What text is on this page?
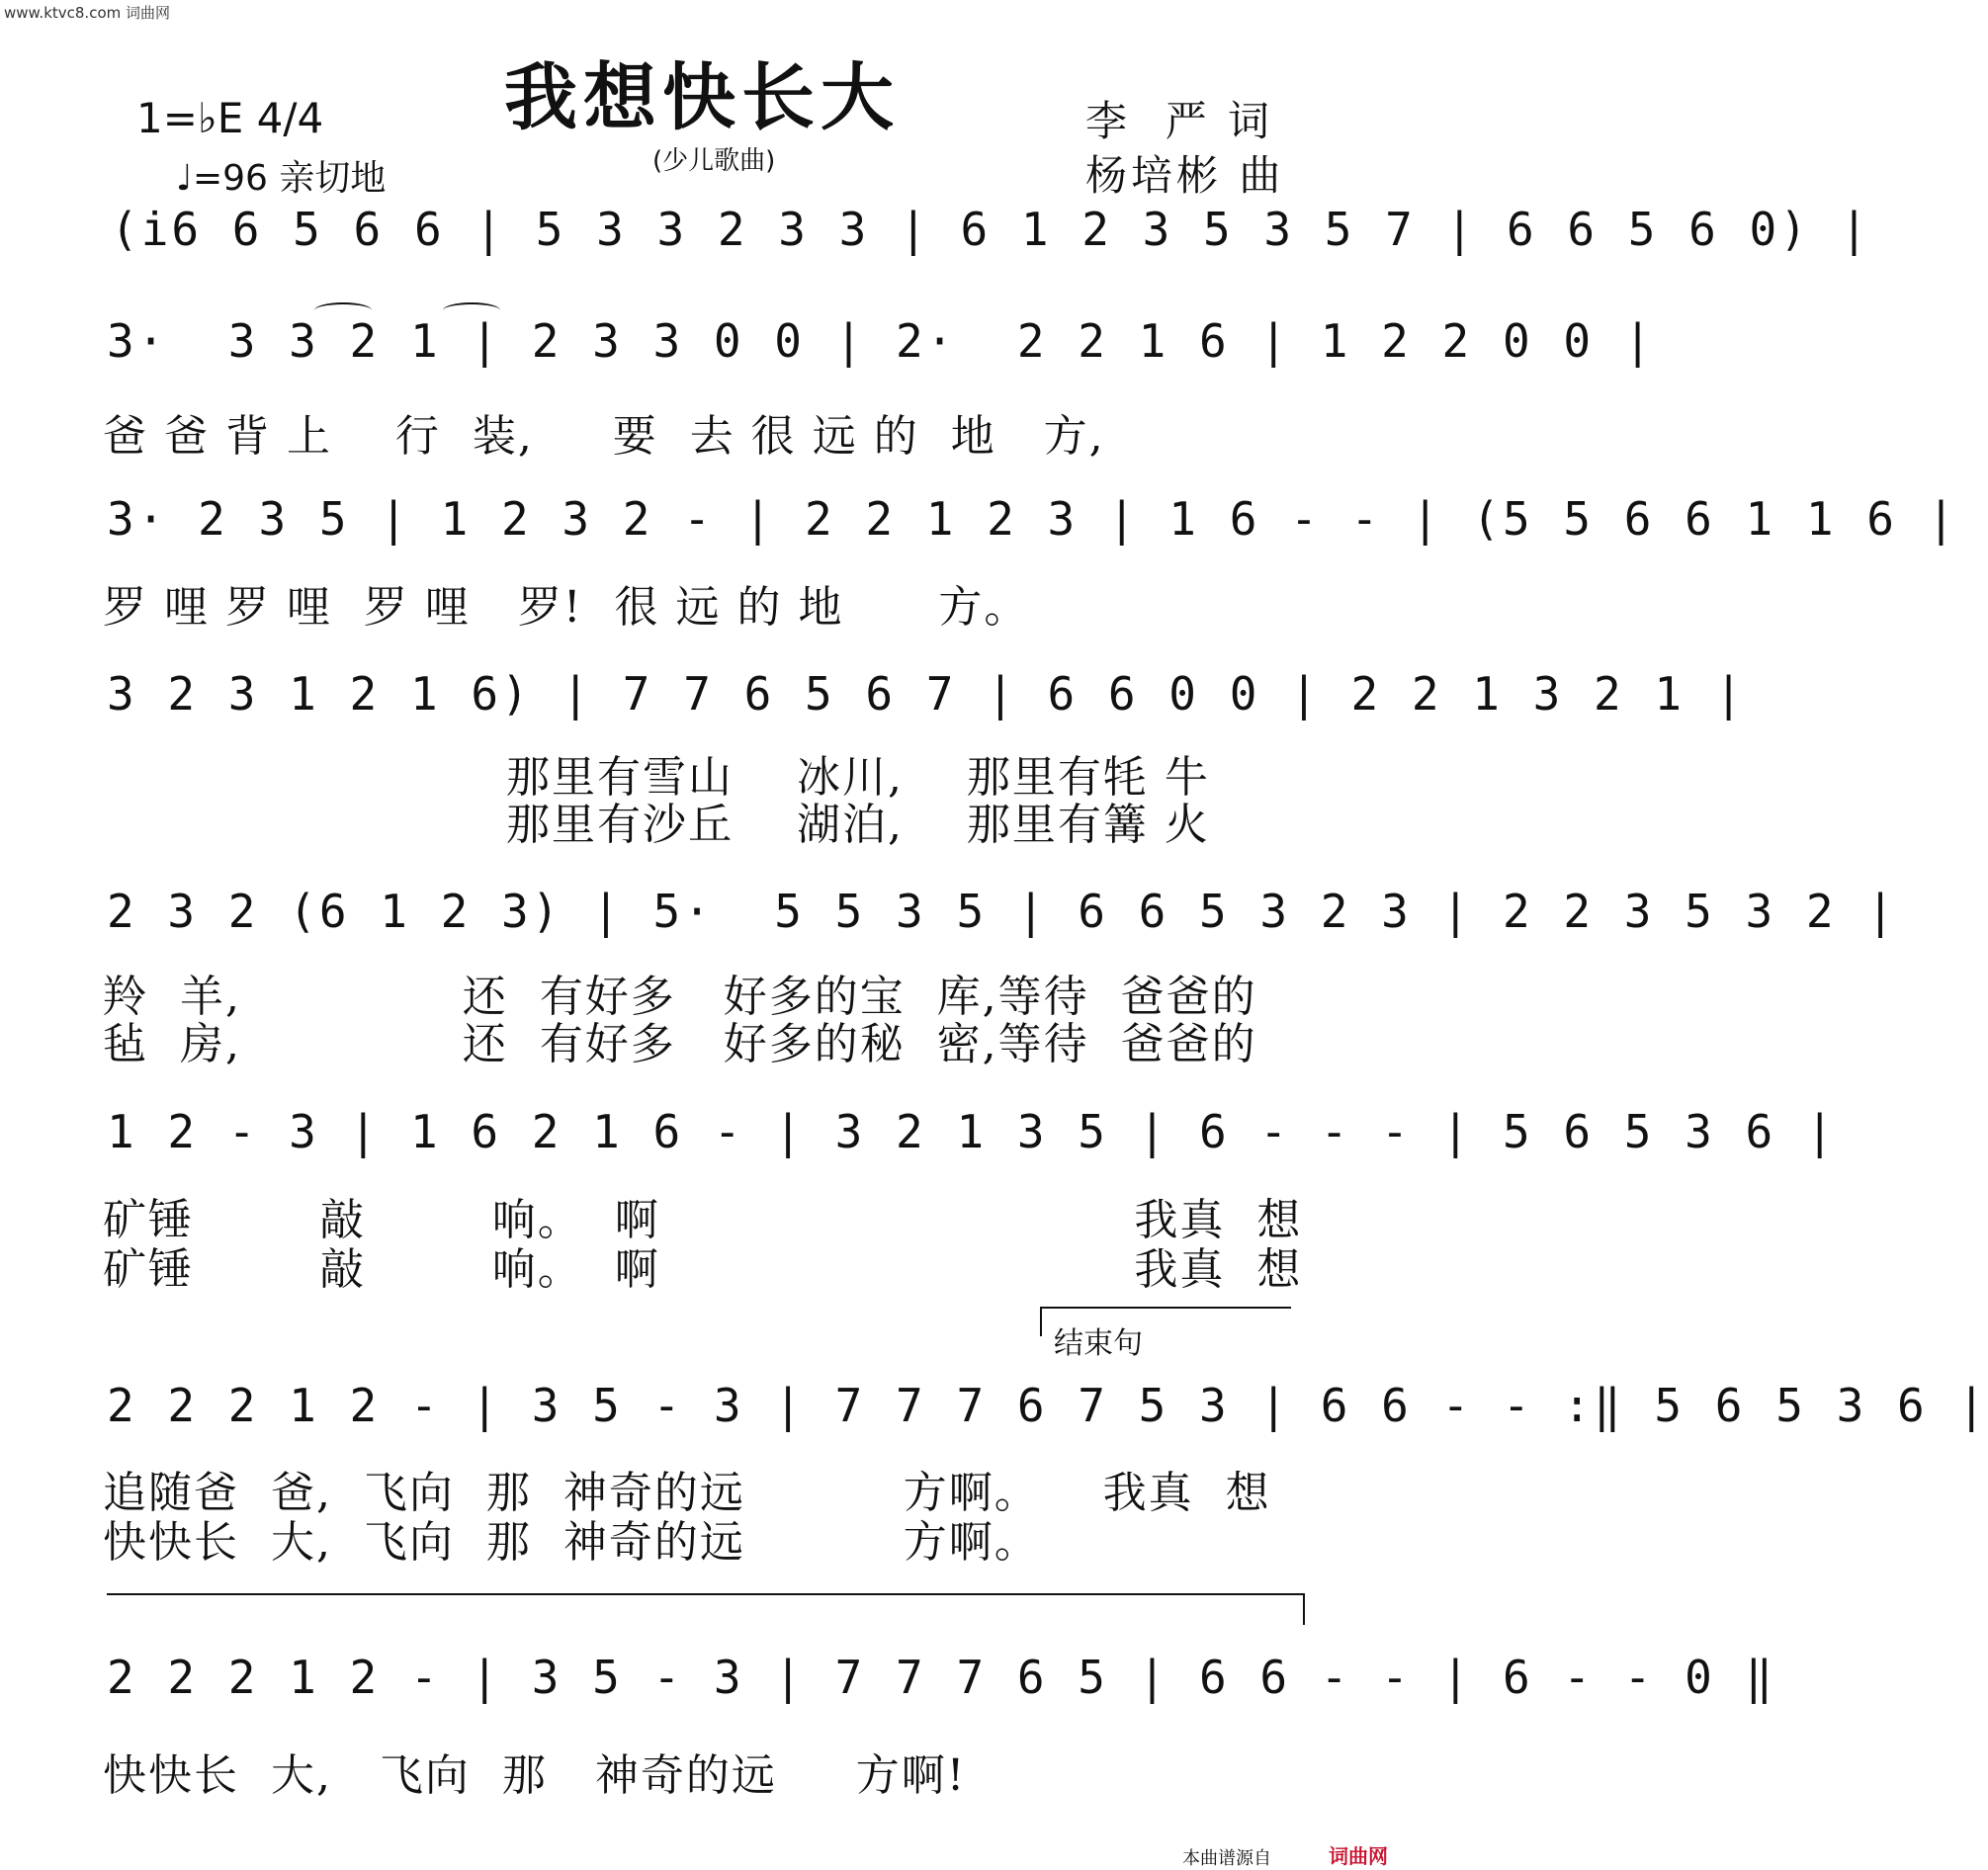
www.ktvc8.com 词曲网
我想快长大
(少儿歌曲)
1=♭E 4/4
♩=96 亲切地
李  严 词
杨培彬 曲
(i̇6 6 5 6 6 | 5 3 3 2 3 3 | 6 1 2 3 5 3 5 7 | 6 6 5 6 0) |
3·  3 3 2 1 | 2 3 3 0 0 | 2·  2 2 1 6 | 1 2 2 0 0 |
爸 爸 背 上    行  装,     要  去 很 远 的  地   方,
3· 2 3 5 | 1 2 3 2 - | 2 2 1 2 3 | 1 6 - - | (5 5 6 6 1 1 6 |
罗 哩 罗 哩  罗 哩   罗!  很 远 的 地      方。
3 2 3 1 2 1 6) | 7 7 6 5 6 7 | 6 6 0 0 | 2 2 1 3 2 1 |
那里有雪山    冰川,    那里有牦 牛
那里有沙丘    湖泊,    那里有篝 火
2 3 2 (6 1 2 3) | 5·  5 5 3 5 | 6 6 5 3 2 3 | 2 2 3 5 3 2 |
羚  羊,              还  有好多   好多的宝  库,等待  爸爸的
毡  房,              还  有好多   好多的秘  密,等待  爸爸的
1 2 - 3 | 1 6 2 1 6 - | 3 2 1 3 5 | 6 - - - | 5 6 5 3 6 |
矿锤        敲        响。  啊                              我真  想
矿锤        敲        响。  啊                              我真  想
结束句
2 2 2 1 2 - | 3 5 - 3 | 7 7 7 6 7 5 3 | 6 6 - - :‖ 5 6 5 3 6 |
追随爸  爸,  飞向  那  神奇的远          方啊。    我真  想
快快长  大,  飞向  那  神奇的远          方啊。
2 2 2 1 2 - | 3 5 - 3 | 7 7 7 6 5 | 6 6 - - | 6 - - 0 ‖
快快长  大,   飞向  那   神奇的远     方啊!
本曲谱源自	词曲网
